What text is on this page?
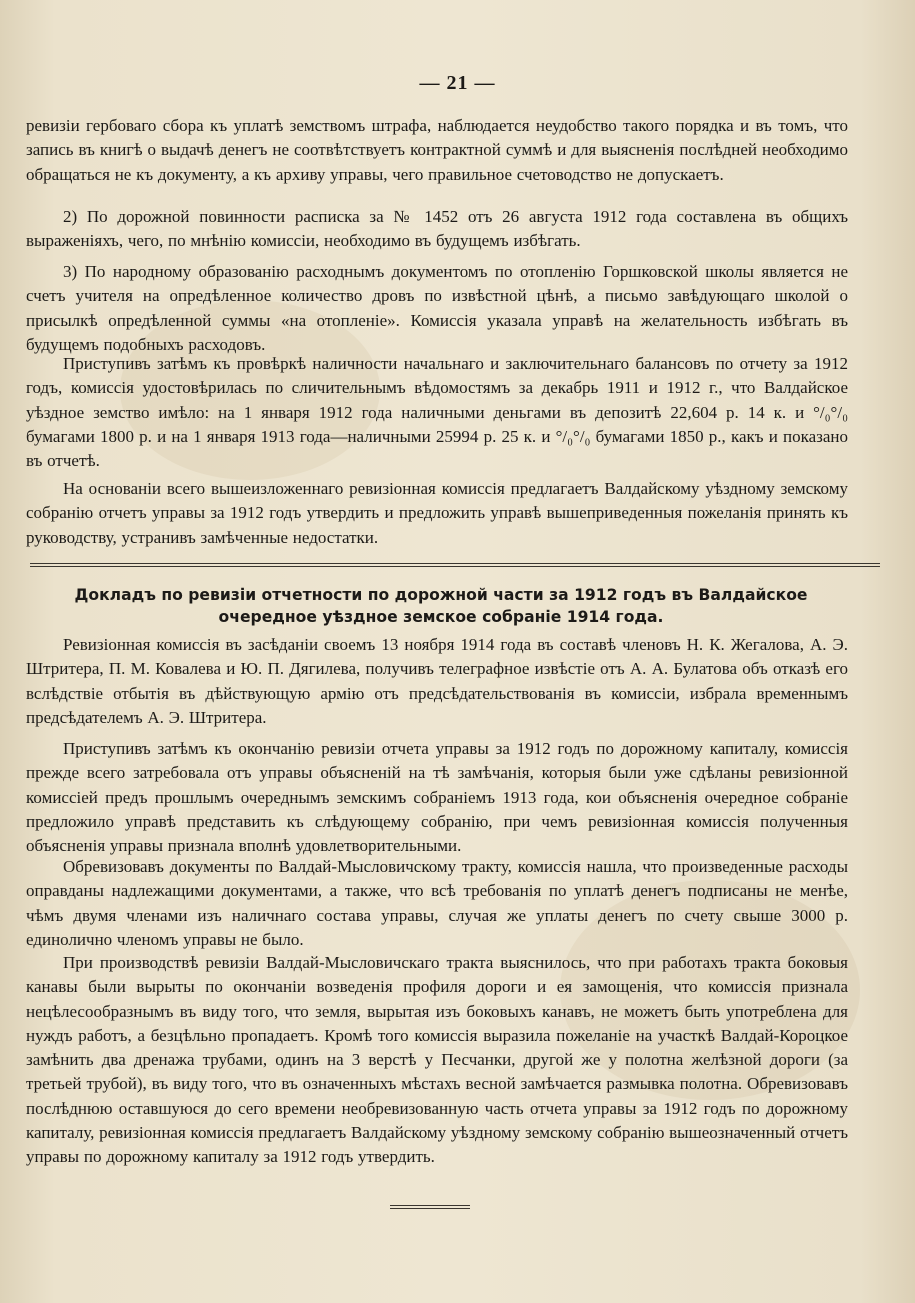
— 21 —

ревизіи гербоваго сбора къ уплатѣ земствомъ штрафа, наблюдается неудобство такого порядка и въ томъ, что запись въ книгѣ о выдачѣ денегъ не соотвѣтствуетъ контрактной суммѣ и для выясненія послѣдней необходимо обращаться не къ документу, а къ архиву управы, чего правильное счетоводство не допускаетъ.

2) По дорожной повинности расписка за № 1452 отъ 26 августа 1912 года составлена въ общихъ выраженіяхъ, чего, по мнѣнію комиссіи, необходимо въ будущемъ избѣгать.

3) По народному образованію расходнымъ документомъ по отопленію Горшковской школы является не счетъ учителя на опредѣленное количество дровъ по извѣстной цѣнѣ, а письмо завѣдующаго школой о присылкѣ опредѣленной суммы «на отопленіе». Комиссія указала управѣ на желательность избѣгать въ будущемъ подобныхъ расходовъ.

Приступивъ затѣмъ къ провѣркѣ наличности начальнаго и заключительнаго балансовъ по отчету за 1912 годъ, комиссія удостовѣрилась по сличительнымъ вѣдомостямъ за декабрь 1911 и 1912 г., что Валдайское уѣздное земство имѣло: на 1 января 1912 года наличными деньгами въ депозитѣ 22,604 р. 14 к. и °/₀°/₀ бумагами 1800 р. и на 1 января 1913 года—наличными 25994 р. 25 к. и °/₀°/₀ бумагами 1850 р., какъ и показано въ отчетѣ.

На основаніи всего вышеизложеннаго ревизіонная комиссія предлагаетъ Валдайскому уѣздному земскому собранію отчетъ управы за 1912 годъ утвердить и предложить управѣ вышеприведенныя пожеланія принять къ руководству, устранивъ замѣченные недостатки.

Докладъ по ревизіи отчетности по дорожной части за 1912 годъ въ Валдайское очередное уѣздное земское собраніе 1914 года.

Ревизіонная комиссія въ засѣданіи своемъ 13 ноября 1914 года въ составѣ членовъ Н. К. Жегалова, А. Э. Штритера, П. М. Ковалева и Ю. П. Дягилева, получивъ телеграфное извѣстіе отъ А. А. Булатова объ отказѣ его вслѣдствіе отбытія въ дѣйствующую армію отъ предсѣдательствованія въ комиссіи, избрала временнымъ предсѣдателемъ А. Э. Штритера.

Приступивъ затѣмъ къ окончанію ревизіи отчета управы за 1912 годъ по дорожному капиталу, комиссія прежде всего затребовала отъ управы объясненій на тѣ замѣчанія, которыя были уже сдѣланы ревизіонной комиссіей предъ прошлымъ очереднымъ земскимъ собраніемъ 1913 года, кои объясненія очередное собраніе предложило управѣ представить къ слѣдующему собранію, при чемъ ревизіонная комиссія полученныя объясненія управы признала вполнѣ удовлетворительными.

Обревизовавъ документы по Валдай-Мысловичскому тракту, комиссія нашла, что произведенные расходы оправданы надлежащими документами, а также, что всѣ требованія по уплатѣ денегъ подписаны не менѣе, чѣмъ двумя членами изъ наличнаго состава управы, случая же уплаты денегъ по счету свыше 3000 р. единолично членомъ управы не было.

При производствѣ ревизіи Валдай-Мысловичскаго тракта выяснилось, что при работахъ тракта боковыя канавы были вырыты по окончаніи возведенія профиля дороги и ея замощенія, что комиссія признала нецѣлесообразнымъ въ виду того, что земля, вырытая изъ боковыхъ канавъ, не можетъ быть употреблена для нуждъ работъ, а безцѣльно пропадаетъ. Кромѣ того комиссія выразила пожеланіе на участкѣ Валдай-Короцкое замѣнить два дренажа трубами, одинъ на 3 верстѣ у Песчанки, другой же у полотна желѣзной дороги (за третьей трубой), въ виду того, что въ означенныхъ мѣстахъ весной замѣчается размывка полотна. Обревизовавъ послѣднюю оставшуюся до сего времени необревизованную часть отчета управы за 1912 годъ по дорожному капиталу, ревизіонная комиссія предлагаетъ Валдайскому уѣздному земскому собранію вышеозначенный отчетъ управы по дорожному капиталу за 1912 годъ утвердить.
